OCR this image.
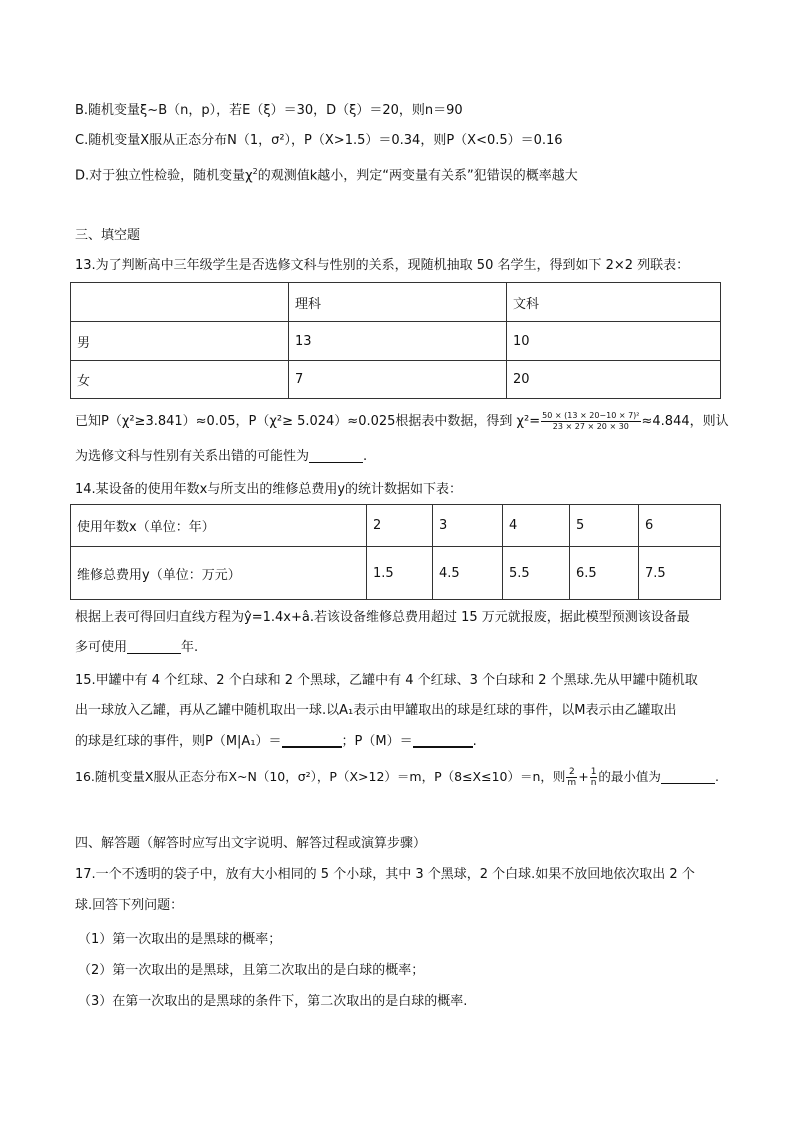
B.随机变量ξ~B（n，p），若E（ξ）＝30，D（ξ）＝20，则n＝90
C.随机变量X服从正态分布N（1，σ²），P（X>1.5）＝0.34，则P（X<0.5）＝0.16
D.对于独立性检验，随机变量$\chi^2$的观测值k越小，判定“两变量有关系”犯错误的概率越大
三、填空题
13.为了判断高中三年级学生是否选修文科与性别的关系，现随机抽取 50 名学生，得到如下 2×2 列联表：
	理科	文科
男	13	10
女	7	20
已知P（χ²≥3.841）≈0.05，P（χ²≥ 5.024）≈0.025根据表中数据，得到 $\chi^2= \frac{\text{50 × (13 × 20−10 × 7)²}}{23 \times 27 \times 20 \times 30} \approx 4.844$，则认
为选修文科与性别有关系出错的可能性为	.
14.某设备的使用年数x与所支出的维修总费用y的统计数据如下表：
使用年数x（单位：年）	2	3	4	5	6
维修总费用y（单位：万元）	1.5	4.5	5.5	6.5	7.5
根据上表可得回归直线方程为ŷ=1.4x+â.若该设备维修总费用超过 15 万元就报废，据此模型预测该设备最
多可使用	年.
15.甲罐中有 4 个红球、2 个白球和 2 个黑球，乙罐中有 4 个红球、3 个白球和 2 个黑球.先从甲罐中随机取
出一球放入乙罐，再从乙罐中随机取出一球.以A₁表示由甲罐取出的球是红球的事件，以M表示由乙罐取出
的球是红球的事件，则P（M|A₁）＝	；P（M）＝	.
16.随机变量X服从正态分布X~N（10，σ²），P（X>12）＝m，P（8≤X≤10）＝n，则 $\frac{2}{m} + \frac{1}{n}$ 的最小值为	.
四、解答题（解答时应写出文字说明、解答过程或演算步骤）
17.一个不透明的袋子中，放有大小相同的 5 个小球，其中 3 个黑球，2 个白球.如果不放回地依次取出 2 个
球.回答下列问题：
（1）第一次取出的是黑球的概率；
（2）第一次取出的是黑球，且第二次取出的是白球的概率；
（3）在第一次取出的是黑球的条件下，第二次取出的是白球的概率.
